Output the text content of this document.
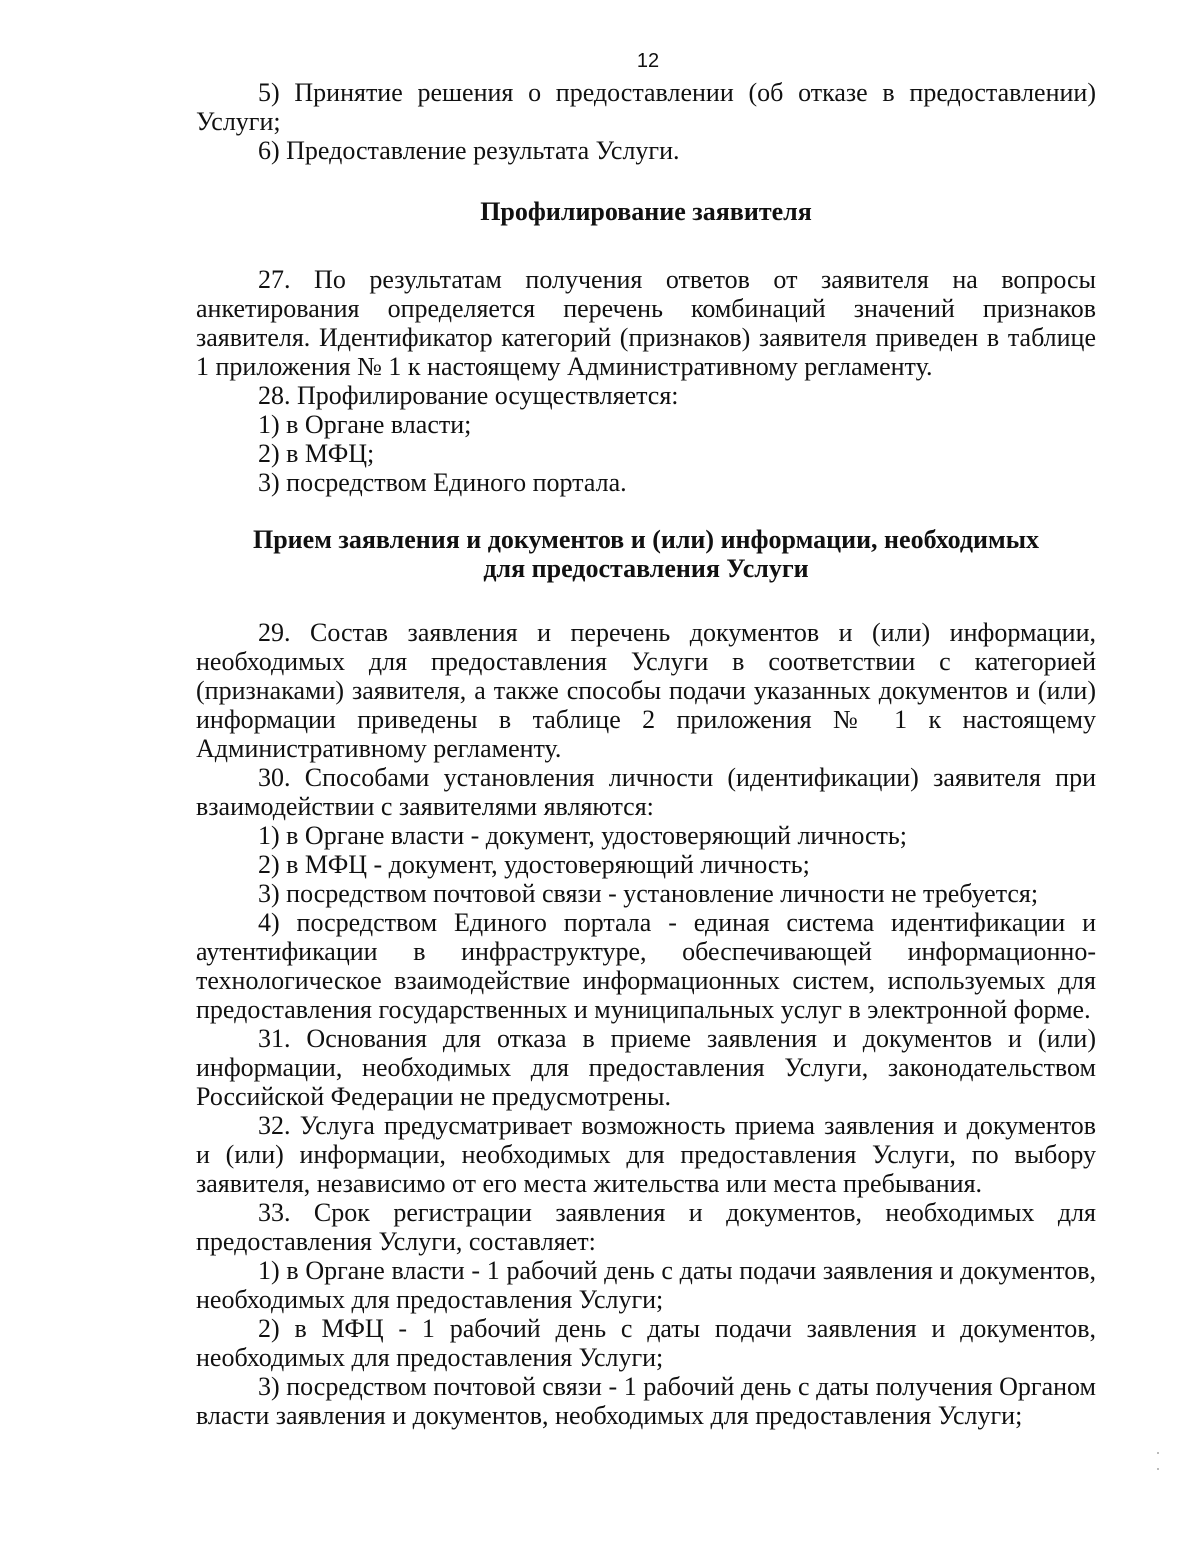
12

5) Принятие решения о предоставлении (об отказе в предоставлении) Услуги;

6) Предоставление результата Услуги.

Профилирование заявителя

27. По результатам получения ответов от заявителя на вопросы анкетирования определяется перечень комбинаций значений признаков заявителя. Идентификатор категорий (признаков) заявителя приведен в таблице 1 приложения № 1 к настоящему Административному регламенту.

28. Профилирование осуществляется:

1) в Органе власти;

2) в МФЦ;

3) посредством Единого портала.

Прием заявления и документов и (или) информации, необходимых

для предоставления Услуги

29. Состав заявления и перечень документов и (или) информации, необходимых для предоставления Услуги в соответствии с категорией (признаками) заявителя, а также способы подачи указанных документов и (или) информации приведены в таблице 2 приложения № 1 к настоящему Административному регламенту.

30. Способами установления личности (идентификации) заявителя при взаимодействии с заявителями являются:

1) в Органе власти - документ, удостоверяющий личность;

2) в МФЦ - документ, удостоверяющий личность;

3) посредством почтовой связи - установление личности не требуется;

4) посредством Единого портала - единая система идентификации и аутентификации в инфраструктуре, обеспечивающей информационно-технологическое взаимодействие информационных систем, используемых для предоставления государственных и муниципальных услуг в электронной форме.

31. Основания для отказа в приеме заявления и документов и (или) информации, необходимых для предоставления Услуги, законодательством Российской Федерации не предусмотрены.

32. Услуга предусматривает возможность приема заявления и документов и (или) информации, необходимых для предоставления Услуги, по выбору заявителя, независимо от его места жительства или места пребывания.

33. Срок регистрации заявления и документов, необходимых для предоставления Услуги, составляет:

1) в Органе власти - 1 рабочий день с даты подачи заявления и документов, необходимых для предоставления Услуги;

2) в МФЦ - 1 рабочий день с даты подачи заявления и документов, необходимых для предоставления Услуги;

3) посредством почтовой связи - 1 рабочий день с даты получения Органом власти заявления и документов, необходимых для предоставления Услуги;
